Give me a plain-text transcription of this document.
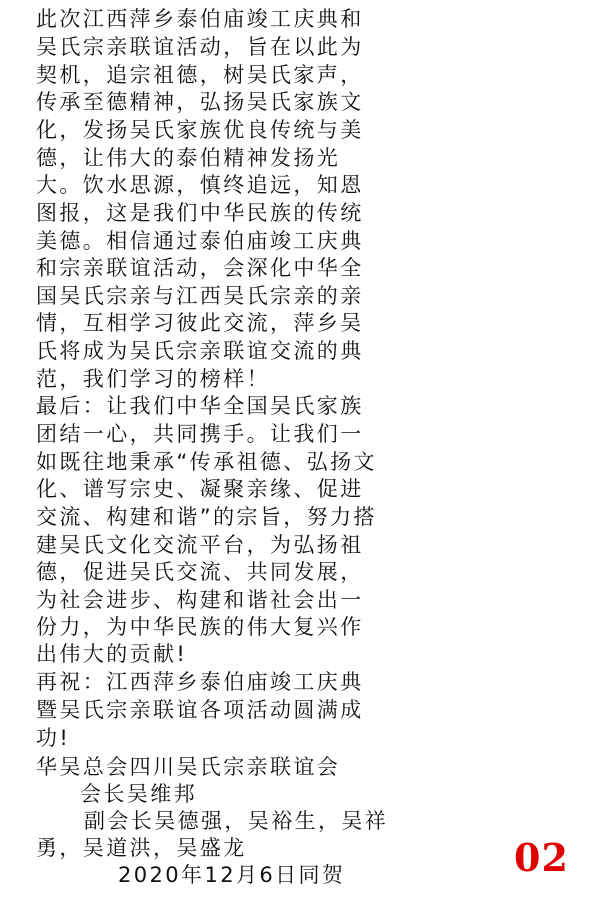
此次江西萍乡泰伯庙竣工庆典和
吴氏宗亲联谊活动，旨在以此为
契机，追宗祖德，树吴氏家声，
传承至德精神，弘扬吴氏家族文
化，发扬吴氏家族优良传统与美
德，让伟大的泰伯精神发扬光
大。饮水思源，慎终追远，知恩
图报，这是我们中华民族的传统
美德。相信通过泰伯庙竣工庆典
和宗亲联谊活动，会深化中华全
国吴氏宗亲与江西吴氏宗亲的亲
情，互相学习彼此交流，萍乡吴
氏将成为吴氏宗亲联谊交流的典
范，我们学习的榜样！
最后：让我们中华全国吴氏家族
团结一心，共同携手。让我们一
如既往地秉承“传承祖德、弘扬文
化、谱写宗史、凝聚亲缘、促进
交流、构建和谐”的宗旨，努力搭
建吴氏文化交流平台，为弘扬祖
德，促进吴氏交流、共同发展，
为社会进步、构建和谐社会出一
份力，为中华民族的伟大复兴作
出伟大的贡献!
再祝：江西萍乡泰伯庙竣工庆典
暨吴氏宗亲联谊各项活动圆满成
功!
华吴总会四川吴氏宗亲联谊会
会长吴维邦
副会长吴德强，吴裕生，吴祥
勇，吴道洪，吴盛龙
2020年12月6日同贺	02
